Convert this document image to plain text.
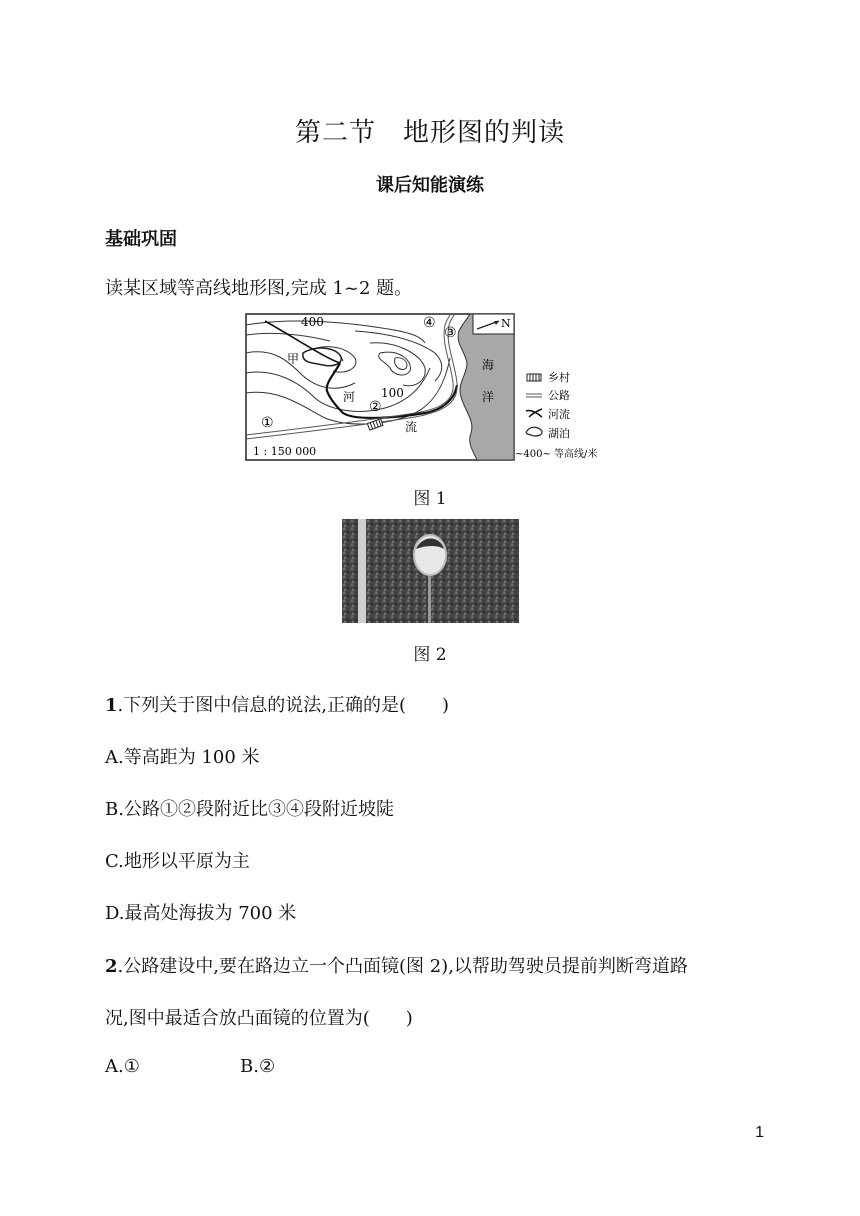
第二节　地形图的判读
课后知能演练
基础巩固
读某区域等高线地形图,完成 1~2 题。
N
400
100
①
②
③
④
甲
河
流
海
洋
1 : 150 000
乡村
公路
河流
湖泊
~400~ 等高线/米
图 1
图 2
1.下列关于图中信息的说法,正确的是(　　)
A.等高距为 100 米
B.公路①②段附近比③④段附近坡陡
C.地形以平原为主
D.最高处海拔为 700 米
2.公路建设中,要在路边立一个凸面镜(图 2),以帮助驾驶员提前判断弯道路
况,图中最适合放凸面镜的位置为(　　)
A.①	B.②
1
